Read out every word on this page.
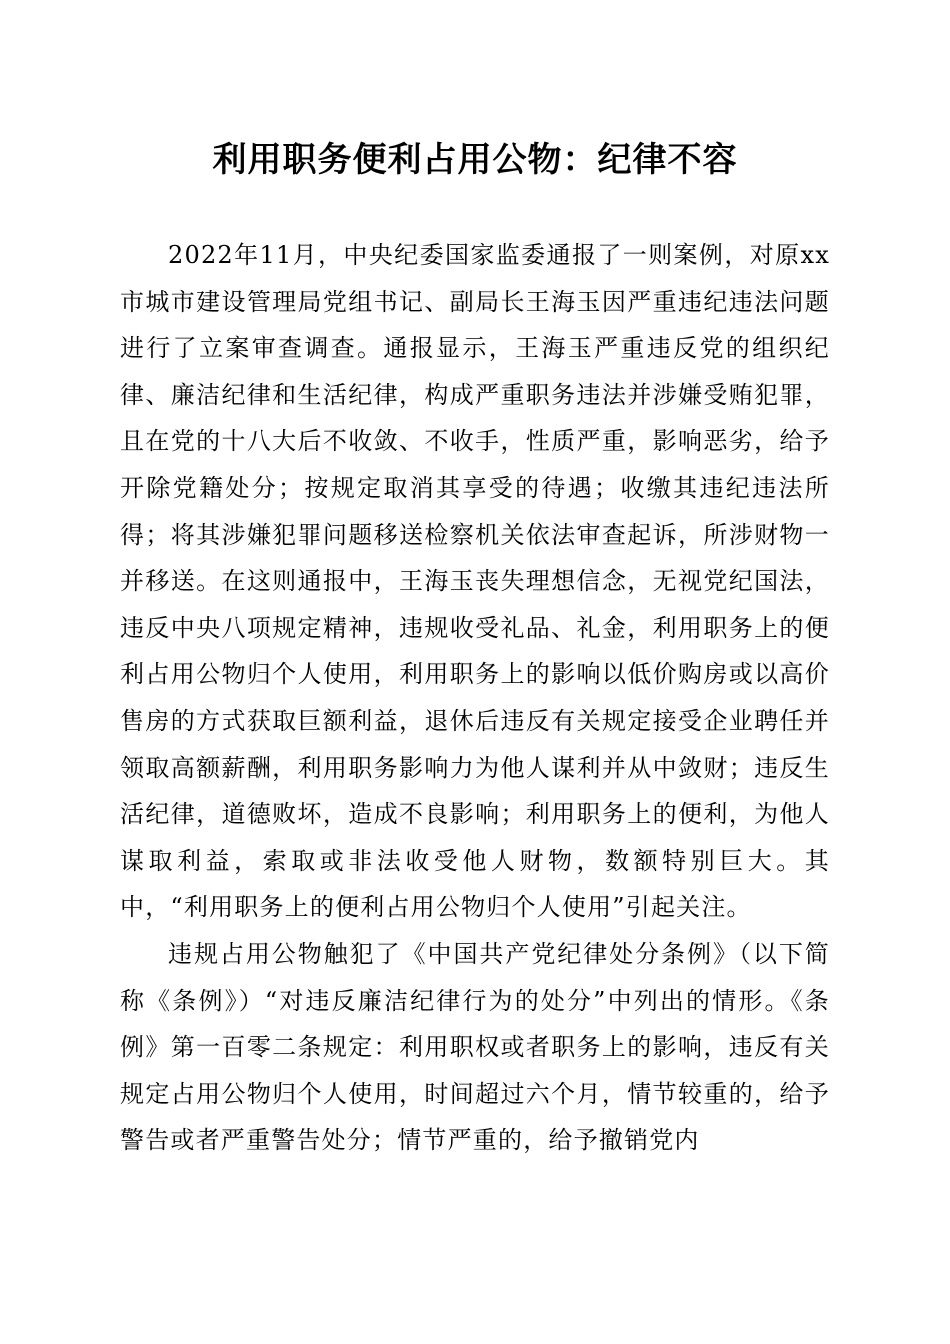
利用职务便利占用公物：纪律不容

2022年11月，中央纪委国家监委通报了一则案例，对原xx市城市建设管理局党组书记、副局长王海玉因严重违纪违法问题进行了立案审查调查。通报显示，王海玉严重违反党的组织纪律、廉洁纪律和生活纪律，构成严重职务违法并涉嫌受贿犯罪，且在党的十八大后不收敛、不收手，性质严重，影响恶劣，给予开除党籍处分；按规定取消其享受的待遇；收缴其违纪违法所得；将其涉嫌犯罪问题移送检察机关依法审查起诉，所涉财物一并移送。在这则通报中，王海玉丧失理想信念，无视党纪国法，违反中央八项规定精神，违规收受礼品、礼金，利用职务上的便利占用公物归个人使用，利用职务上的影响以低价购房或以高价售房的方式获取巨额利益，退休后违反有关规定接受企业聘任并领取高额薪酬，利用职务影响力为他人谋利并从中敛财；违反生活纪律，道德败坏，造成不良影响；利用职务上的便利，为他人谋取利益，索取或非法收受他人财物，数额特别巨大。其中，“利用职务上的便利占用公物归个人使用”引起关注。

违规占用公物触犯了《中国共产党纪律处分条例》（以下简称《条例》）“对违反廉洁纪律行为的处分”中列出的情形。《条例》第一百零二条规定：利用职权或者职务上的影响，违反有关规定占用公物归个人使用，时间超过六个月，情节较重的，给予警告或者严重警告处分；情节严重的，给予撤销党内
